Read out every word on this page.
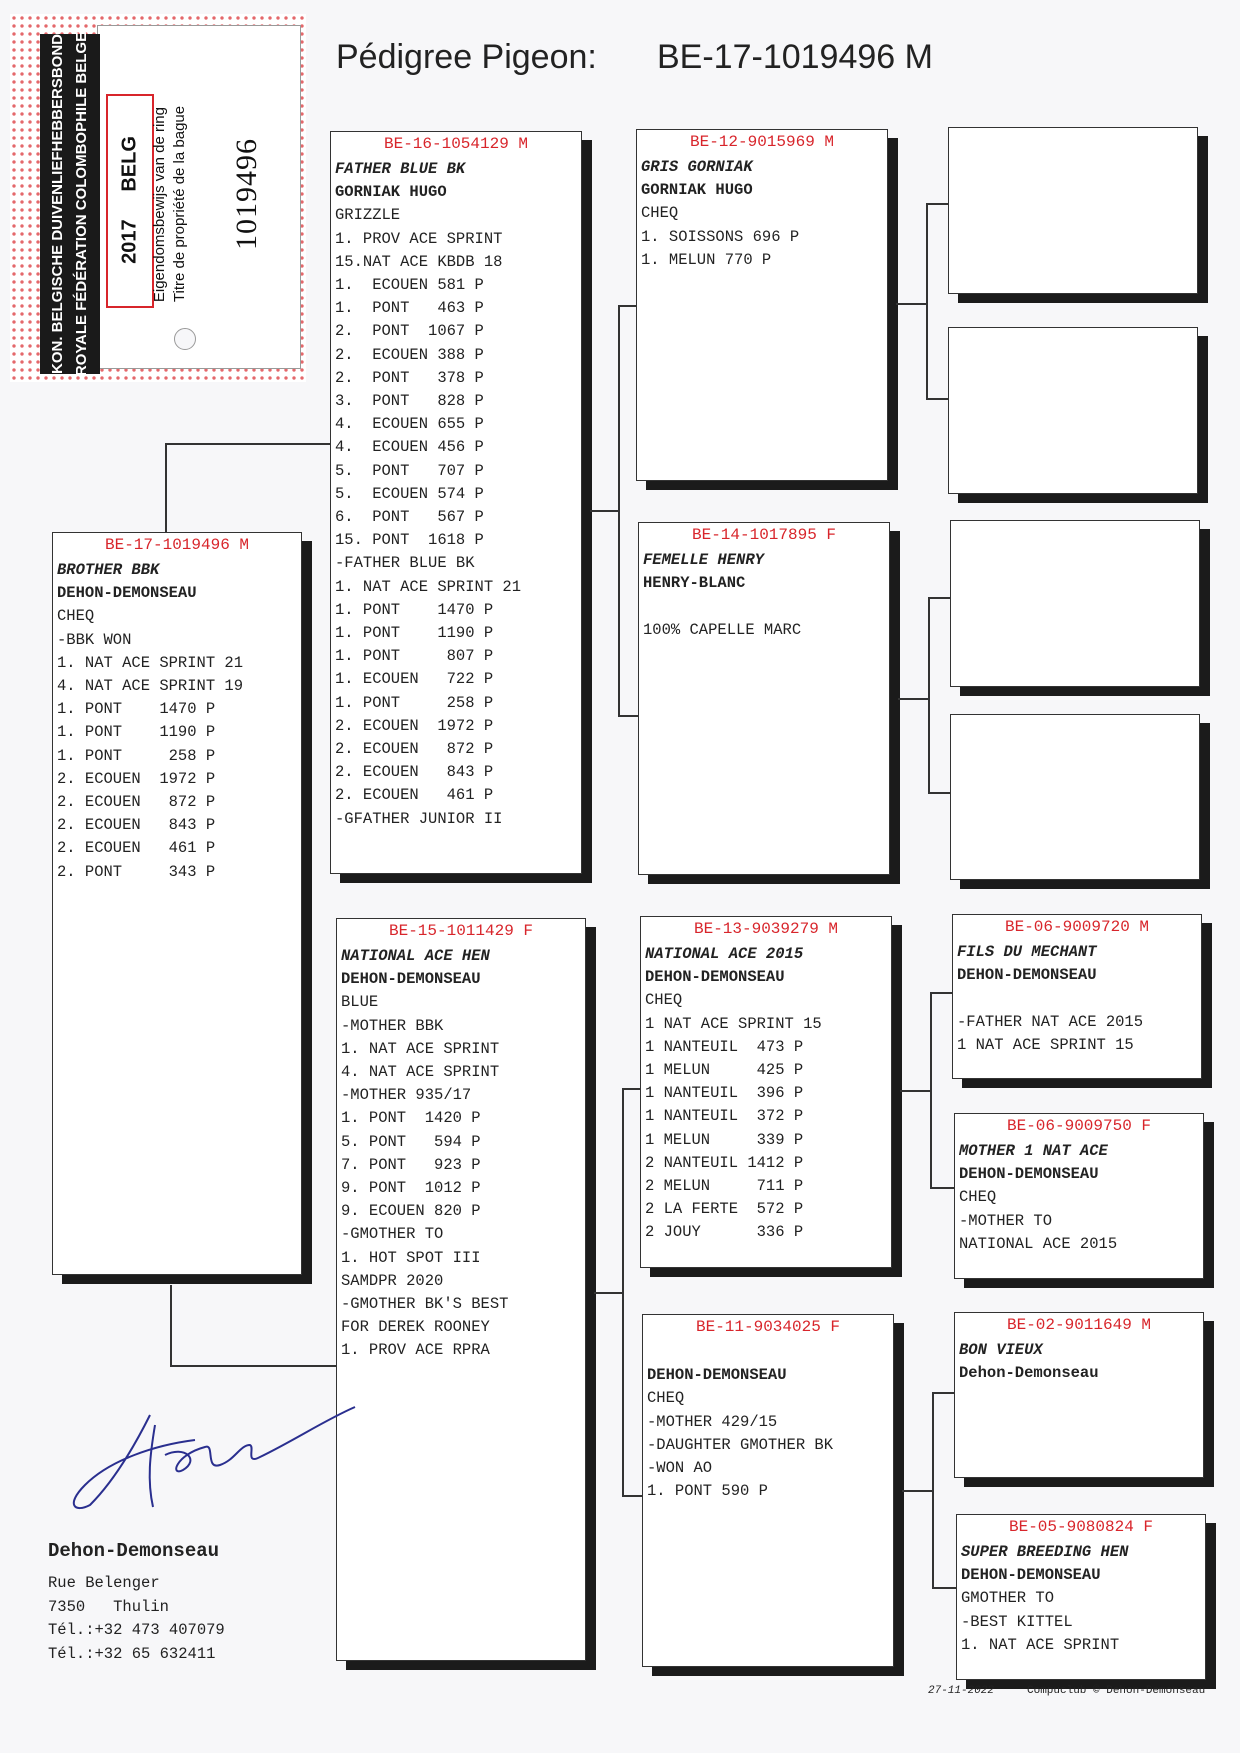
Pédigree Pigeon: BE-17-1019496 M
KON. BELGISCHE DUIVENLIEFHEBBERSBOND ROYALE FÉDÉRATION COLOMBOPHILE BELGE 2017     BELG Eigendomsbewijs van de ring Titre de propriété de la bague 1019496
BE-17-1019496 M
BROTHER BBK
DEHON-DEMONSEAU
CHEQ
-BBK WON
1. NAT ACE SPRINT 21
4. NAT ACE SPRINT 19
1. PONT    1470 P
1. PONT    1190 P
1. PONT     258 P
2. ECOUEN  1972 P
2. ECOUEN   872 P
2. ECOUEN   843 P
2. ECOUEN   461 P
2. PONT     343 P
BE-16-1054129 M
FATHER BLUE BK
GORNIAK HUGO
GRIZZLE
1. PROV ACE SPRINT
15.NAT ACE KBDB 18
1.  ECOUEN 581 P
1.  PONT   463 P
2.  PONT  1067 P
2.  ECOUEN 388 P
2.  PONT   378 P
3.  PONT   828 P
4.  ECOUEN 655 P
4.  ECOUEN 456 P
5.  PONT   707 P
5.  ECOUEN 574 P
6.  PONT   567 P
15. PONT  1618 P
-FATHER BLUE BK
1. NAT ACE SPRINT 21
1. PONT    1470 P
1. PONT    1190 P
1. PONT     807 P
1. ECOUEN   722 P
1. PONT     258 P
2. ECOUEN  1972 P
2. ECOUEN   872 P
2. ECOUEN   843 P
2. ECOUEN   461 P
-GFATHER JUNIOR II
BE-15-1011429 F
NATIONAL ACE HEN
DEHON-DEMONSEAU
BLUE
-MOTHER BBK
1. NAT ACE SPRINT
4. NAT ACE SPRINT
-MOTHER 935/17
1. PONT  1420 P
5. PONT   594 P
7. PONT   923 P
9. PONT  1012 P
9. ECOUEN 820 P
-GMOTHER TO
1. HOT SPOT III
SAMDPR 2020
-GMOTHER BK'S BEST
FOR DEREK ROONEY
1. PROV ACE RPRA
BE-12-9015969 M
GRIS GORNIAK
GORNIAK HUGO
CHEQ
1. SOISSONS 696 P
1. MELUN 770 P
BE-14-1017895 F
FEMELLE HENRY
HENRY-BLANC

100% CAPELLE MARC
BE-13-9039279 M
NATIONAL ACE 2015
DEHON-DEMONSEAU
CHEQ
1 NAT ACE SPRINT 15
1 NANTEUIL  473 P
1 MELUN     425 P
1 NANTEUIL  396 P
1 NANTEUIL  372 P
1 MELUN     339 P
2 NANTEUIL 1412 P
2 MELUN     711 P
2 LA FERTE  572 P
2 JOUY      336 P
BE-11-9034025 F

DEHON-DEMONSEAU
CHEQ
-MOTHER 429/15
-DAUGHTER GMOTHER BK
-WON AO
1. PONT 590 P
BE-06-9009720 M
FILS DU MECHANT
DEHON-DEMONSEAU

-FATHER NAT ACE 2015
1 NAT ACE SPRINT 15
BE-06-9009750 F
MOTHER 1 NAT ACE
DEHON-DEMONSEAU
CHEQ
-MOTHER TO
NATIONAL ACE 2015
BE-02-9011649 M
BON VIEUX
Dehon-Demonseau
BE-05-9080824 F
SUPER BREEDING HEN
DEHON-DEMONSEAU
GMOTHER TO
-BEST KITTEL
1. NAT ACE SPRINT
Dehon-Demonseau
Rue Belenger
7350   Thulin
Tél.:+32 473 407079
Tél.:+32 65 632411
27-11-2022	Compuclub © Dehon-Demonseau
